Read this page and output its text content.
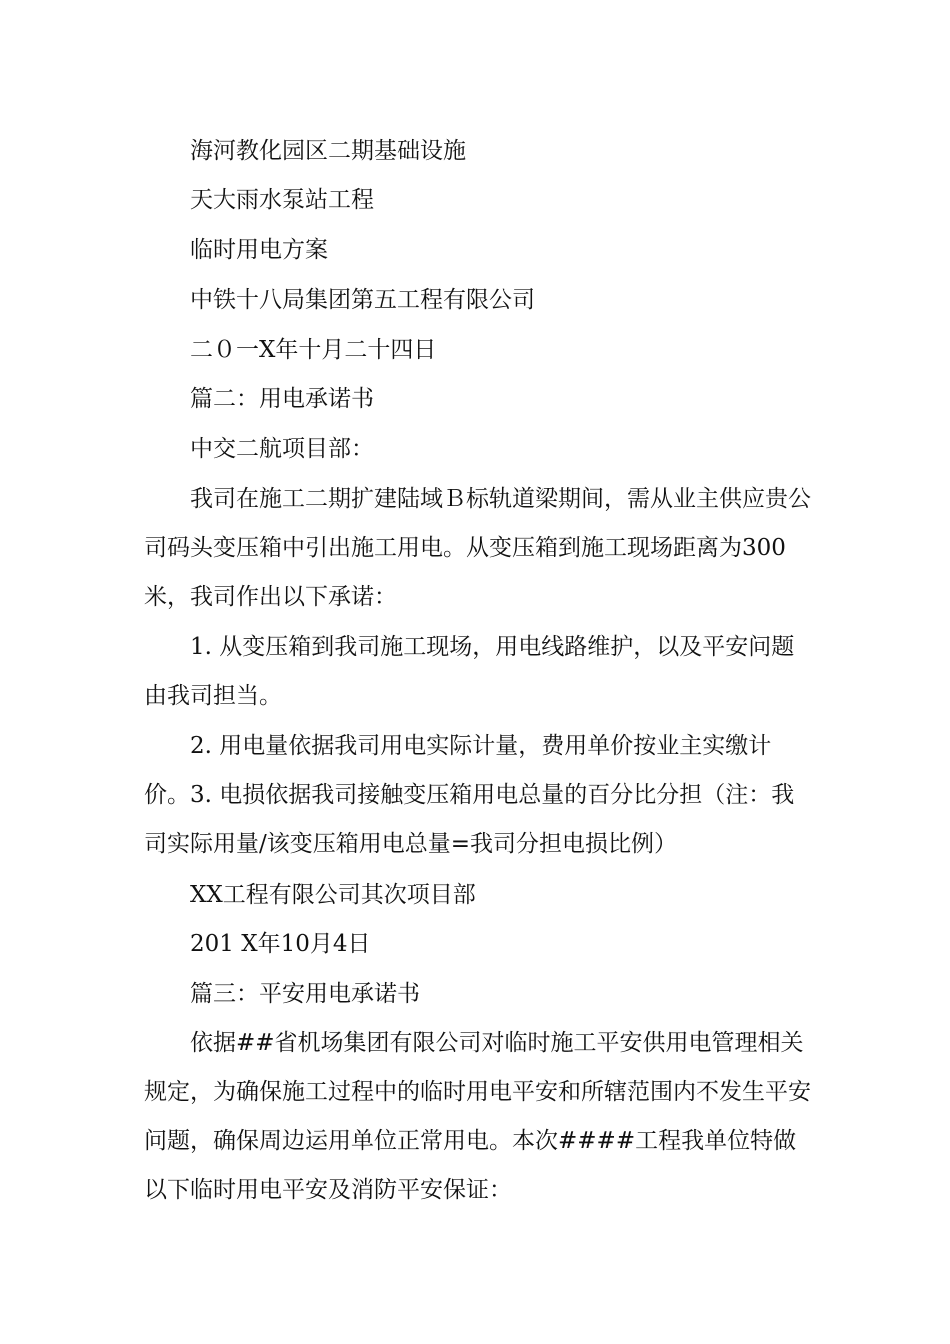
海河教化园区二期基础设施
天大雨水泵站工程
临时用电方案
中铁十八局集团第五工程有限公司
二０一X年十月二十四日
篇二：用电承诺书
中交二航项目部：
我司在施工二期扩建陆域Ｂ标轨道梁期间，需从业主供应贵公司码头变压箱中引出施工用电。从变压箱到施工现场距离为300米，我司作出以下承诺：
1. 从变压箱到我司施工现场，用电线路维护，以及平安问题由我司担当。
2. 用电量依据我司用电实际计量，费用单价按业主实缴计价。 3. 电损依据我司接触变压箱用电总量的百分比分担（注：我司实际用量/该变压箱用电总量=我司分担电损比例）
XX工程有限公司其次项目部
201 X年10月4日
篇三：平安用电承诺书
依据##省机场集团有限公司对临时施工平安供用电管理相关规定，为确保施工过程中的临时用电平安和所辖范围内不发生平安问题，确保周边运用单位正常用电。本次####工程我单位特做以下临时用电平安及消防平安保证：
